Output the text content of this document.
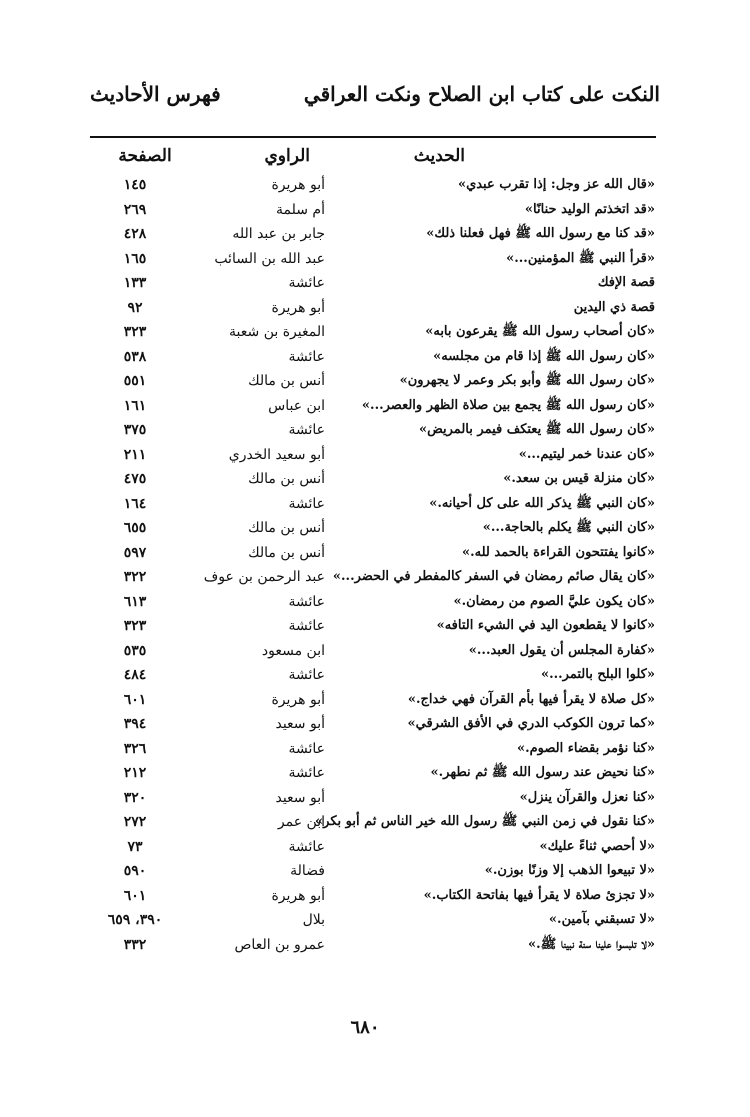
النكت على كتاب ابن الصلاح ونكت العراقي
فهرس الأحاديث
الحديث
الراوي
الصفحة
«قال الله عز وجل: إذا تقرب عبدي»
أبو هريرة
١٤٥
«قد اتخذتم الوليد حنانًا»
أم سلمة
٢٦٩
«قد كنا مع رسول الله ﷺ فهل فعلنا ذلك»
جابر بن عبد الله
٤٢٨
«قرأ النبي ﷺ المؤمنين...»
عبد الله بن السائب
١٦٥
قصة الإفك
عائشة
١٣٣
قصة ذي اليدين
أبو هريرة
٩٢
«كان أصحاب رسول الله ﷺ يقرعون بابه»
المغيرة بن شعبة
٣٢٣
«كان رسول الله ﷺ إذا قام من مجلسه»
عائشة
٥٣٨
«كان رسول الله ﷺ وأبو بكر وعمر لا يجهرون»
أنس بن مالك
٥٥١
«كان رسول الله ﷺ يجمع بين صلاة الظهر والعصر...»
ابن عباس
١٦١
«كان رسول الله ﷺ يعتكف فيمر بالمريض»
عائشة
٣٧٥
«كان عندنا خمر ليتيم...»
أبو سعيد الخدري
٢١١
«كان منزلة قيس بن سعد.»
أنس بن مالك
٤٧٥
«كان النبي ﷺ يذكر الله على كل أحيانه.»
عائشة
١٦٤
«كان النبي ﷺ يكلم بالحاجة...»
أنس بن مالك
٦٥٥
«كانوا يفتتحون القراءة بالحمد لله.»
أنس بن مالك
٥٩٧
«كان يقال صائم رمضان في السفر كالمفطر في الحضر...»
عبد الرحمن بن عوف
٣٢٢
«كان يكون عليَّ الصوم من رمضان.»
عائشة
٦١٣
«كانوا لا يقطعون اليد في الشيء التافه»
عائشة
٣٢٣
«كفارة المجلس أن يقول العبد...»
ابن مسعود
٥٣٥
«كلوا البلح بالتمر...»
عائشة
٤٨٤
«كل صلاة لا يقرأ فيها بأم القرآن فهي خداج.»
أبو هريرة
٦٠١
«كما ترون الكوكب الدري في الأفق الشرقي»
أبو سعيد
٣٩٤
«كنا نؤمر بقضاء الصوم.»
عائشة
٣٢٦
«كنا نحيض عند رسول الله ﷺ ثم نطهر.»
عائشة
٢١٢
«كنا نعزل والقرآن ينزل»
أبو سعيد
٣٢٠
«كنا نقول في زمن النبي ﷺ رسول الله خير الناس ثم أبو بكر»
ابن عمر
٢٧٢
«لا أحصي ثناءً عليك»
عائشة
٧٣
«لا تبيعوا الذهب إلا وزنًا بوزن.»
فضالة
٥٩٠
«لا تجزئ صلاة لا يقرأ فيها بفاتحة الكتاب.»
أبو هريرة
٦٠١
«لا تسبقني بآمين.»
بلال
٣٩٠، ٦٥٩
«لا تلبسوا علينا سنة نبينا ﷺ.»
عمرو بن العاص
٣٣٢
٦٨٠
